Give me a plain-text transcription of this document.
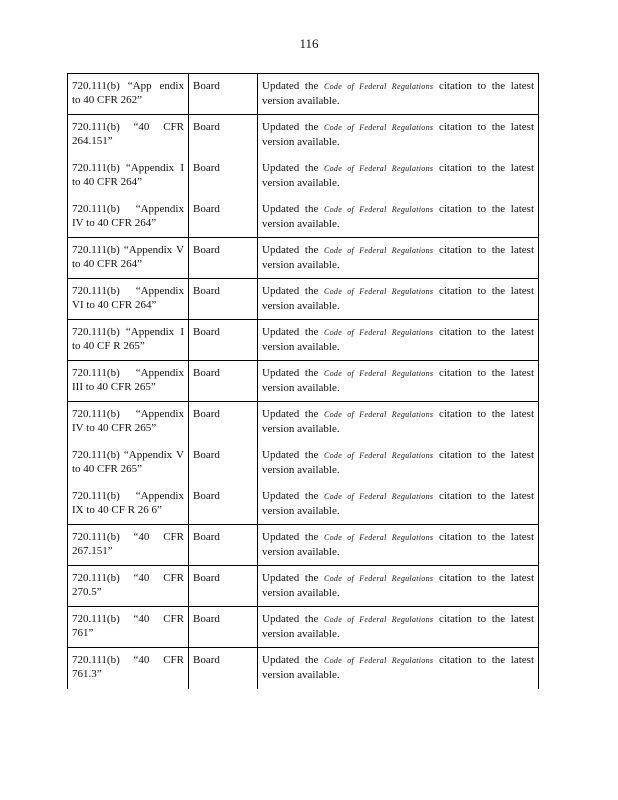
116
720.111(b) “App endix to 40 CFR 262”	Board	Updated the Code of Federal Regulations citation to the latest version available.
720.111(b) “40 CFR 264.151”	Board	Updated the Code of Federal Regulations citation to the latest version available.
720.111(b) “Appendix I to 40 CFR 264”	Board	Updated the Code of Federal Regulations citation to the latest version available.
720.111(b) “Appendix IV to 40 CFR 264”	Board	Updated the Code of Federal Regulations citation to the latest version available.
720.111(b) “Appendix V to 40 CFR 264”	Board	Updated the Code of Federal Regulations citation to the latest version available.
720.111(b) “Appendix VI to 40 CFR 264”	Board	Updated the Code of Federal Regulations citation to the latest version available.
720.111(b) “Appendix I to 40 CF R 265”	Board	Updated the Code of Federal Regulations citation to the latest version available.
720.111(b) “Appendix III to 40 CFR 265”	Board	Updated the Code of Federal Regulations citation to the latest version available.
720.111(b) “Appendix IV to 40 CFR 265”	Board	Updated the Code of Federal Regulations citation to the latest version available.
720.111(b) “Appendix V to 40 CFR 265”	Board	Updated the Code of Federal Regulations citation to the latest version available.
720.111(b) “Appendix IX to 40 CF R 26 6”	Board	Updated the Code of Federal Regulations citation to the latest version available.
720.111(b) “40 CFR 267.151”	Board	Updated the Code of Federal Regulations citation to the latest version available.
720.111(b) “40 CFR 270.5”	Board	Updated the Code of Federal Regulations citation to the latest version available.
720.111(b) “40 CFR 761”	Board	Updated the Code of Federal Regulations citation to the latest version available.
720.111(b) “40 CFR 761.3”	Board	Updated the Code of Federal Regulations citation to the latest version available.
